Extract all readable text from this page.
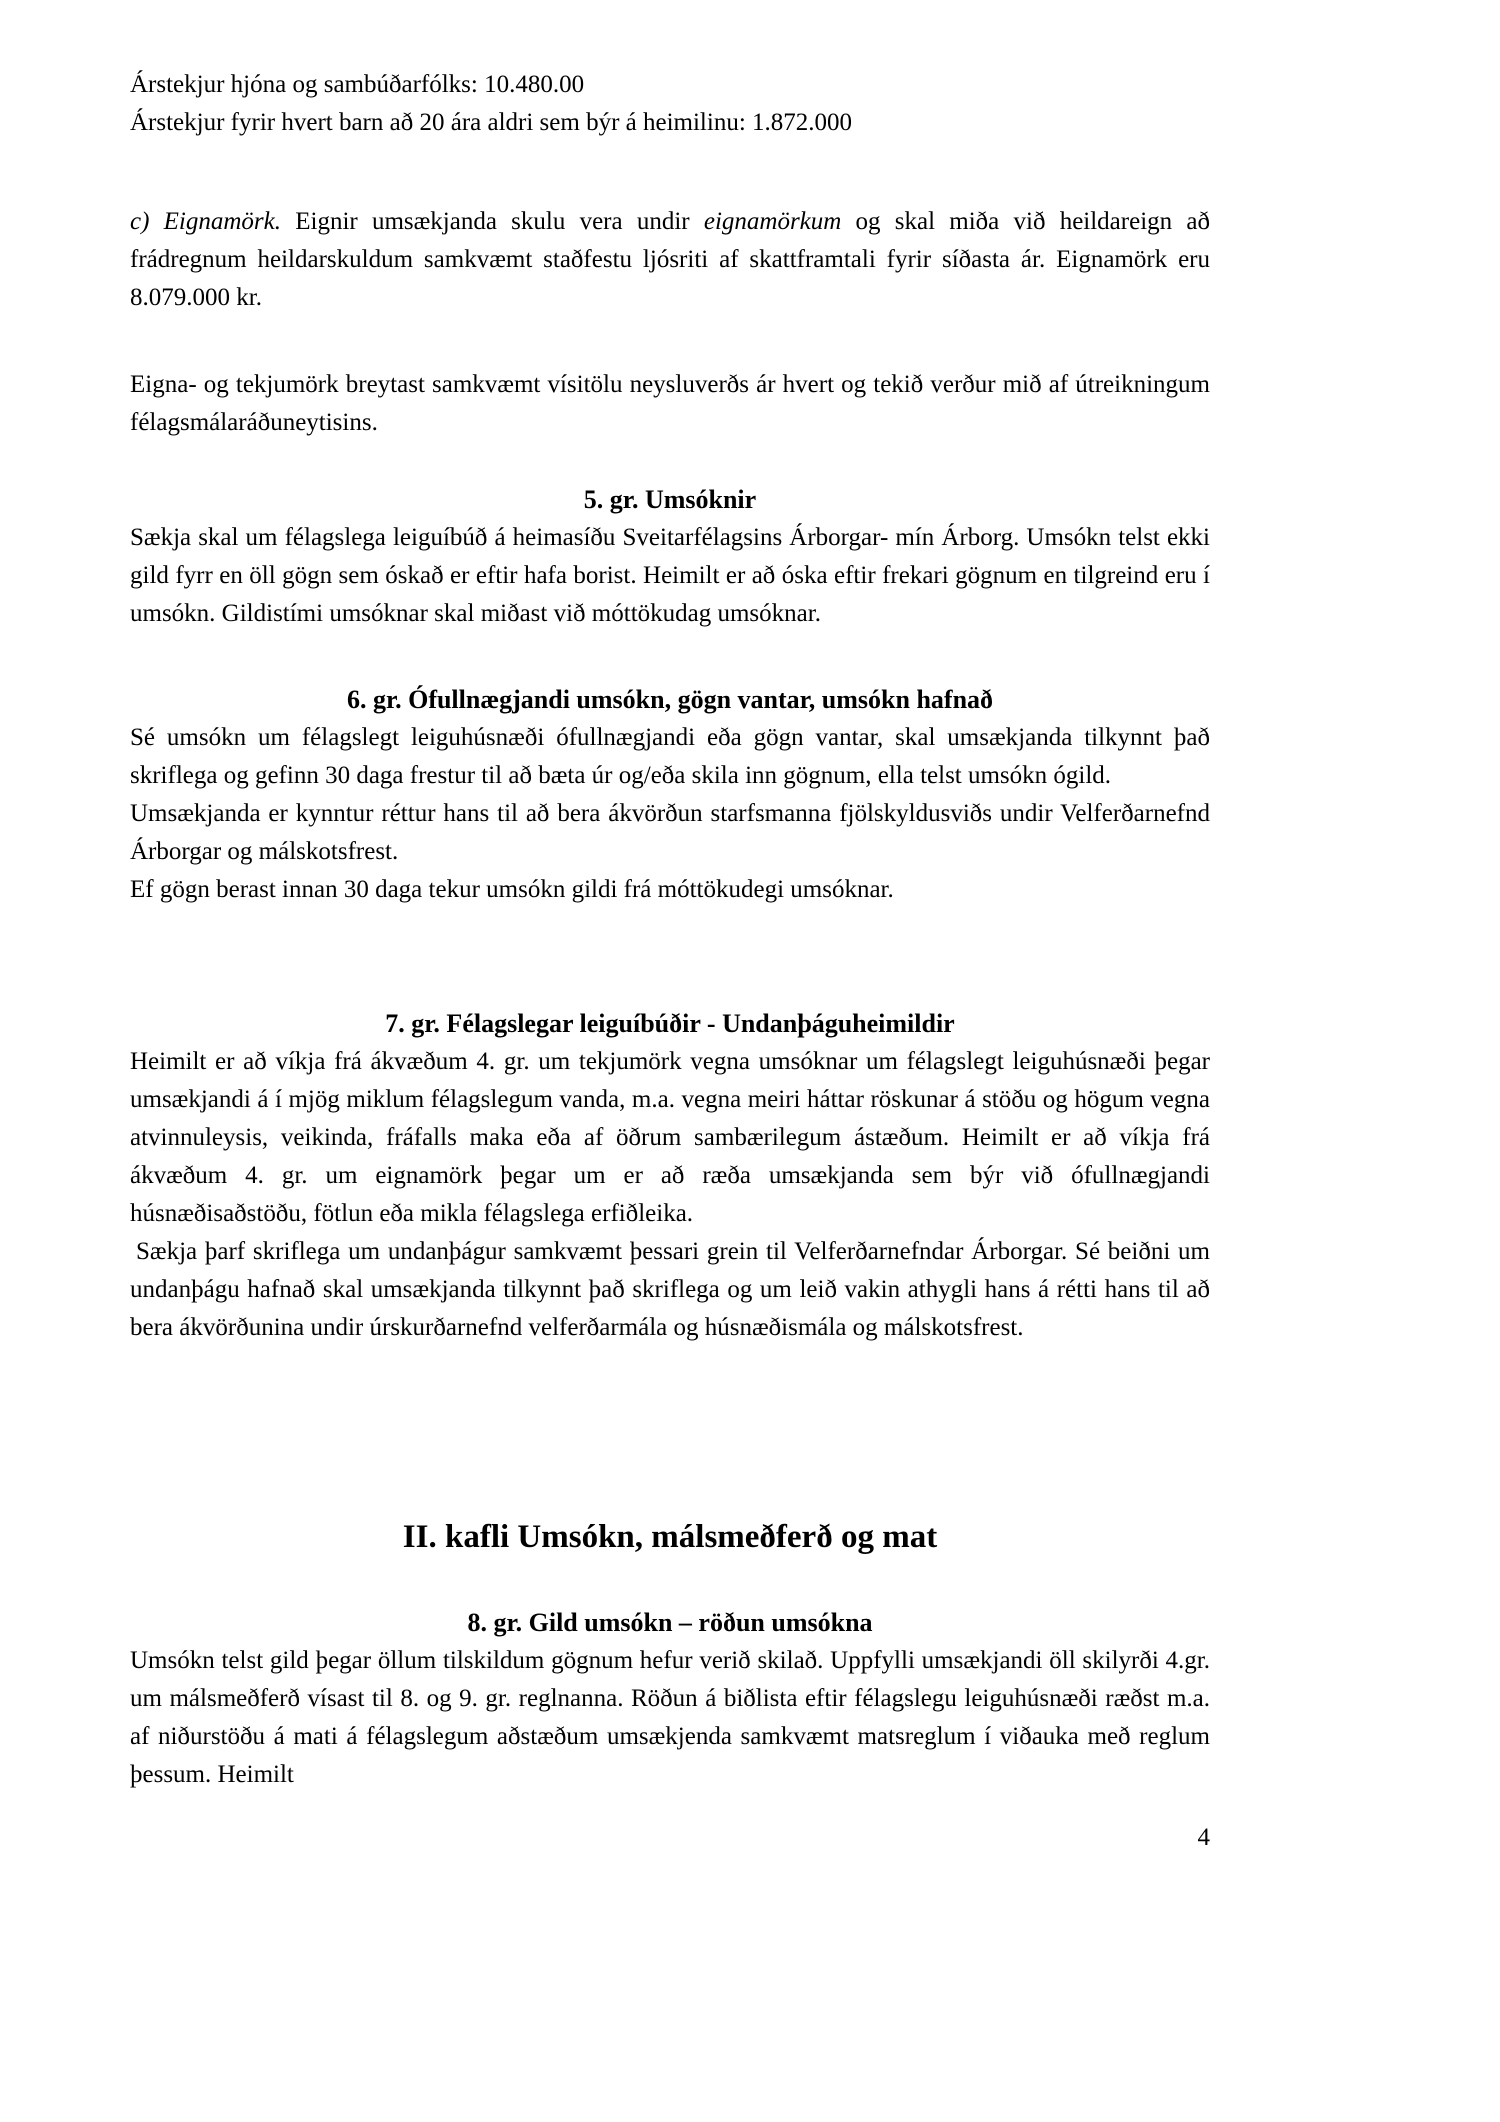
Árstekjur hjóna og sambúðarfólks: 10.480.00
Árstekjur fyrir hvert barn að 20 ára aldri sem býr á heimilinu: 1.872.000
c) Eignamörk. Eignir umsækjanda skulu vera undir eignamörkum og skal miða við heildareign að frádregnum heildarskuldum samkvæmt staðfestu ljósriti af skattframtali fyrir síðasta ár. Eignamörk eru 8.079.000 kr.
Eigna- og tekjumörk breytast samkvæmt vísitölu neysluverðs ár hvert og tekið verður mið af útreikningum félagsmálaráðuneytisins.
5. gr. Umsóknir
Sækja skal um félagslega leiguíbúð á heimasíðu Sveitarfélagsins Árborgar- mín Árborg. Umsókn telst ekki gild fyrr en öll gögn sem óskað er eftir hafa borist. Heimilt er að óska eftir frekari gögnum en tilgreind eru í umsókn. Gildistími umsóknar skal miðast við móttökudag umsóknar.
6. gr. Ófullnægjandi umsókn, gögn vantar, umsókn hafnað
Sé umsókn um félagslegt leiguhúsnæði ófullnægjandi eða gögn vantar, skal umsækjanda tilkynnt það skriflega og gefinn 30 daga frestur til að bæta úr og/eða skila inn gögnum, ella telst umsókn ógild.
Umsækjanda er kynntur réttur hans til að bera ákvörðun starfsmanna fjölskyldusviðs undir Velferðarnefnd Árborgar og málskotsfrest.
Ef gögn berast innan 30 daga tekur umsókn gildi frá móttökudegi umsóknar.
7. gr. Félagslegar leiguíbúðir - Undanþáguheimildir
Heimilt er að víkja frá ákvæðum 4. gr. um tekjumörk vegna umsóknar um félagslegt leiguhúsnæði þegar umsækjandi á í mjög miklum félagslegum vanda, m.a. vegna meiri háttar röskunar á stöðu og högum vegna atvinnuleysis, veikinda, fráfalls maka eða af öðrum sambærilegum ástæðum. Heimilt er að víkja frá ákvæðum 4. gr. um eignamörk þegar um er að ræða umsækjanda sem býr við ófullnægjandi húsnæðisaðstöðu, fötlun eða mikla félagslega erfiðleika.
Sækja þarf skriflega um undanþágur samkvæmt þessari grein til Velferðarnefndar Árborgar. Sé beiðni um undanþágu hafnað skal umsækjanda tilkynnt það skriflega og um leið vakin athygli hans á rétti hans til að bera ákvörðunina undir úrskurðarnefnd velferðarmála og húsnæðismála og málskotsfrest.
II. kafli Umsókn, málsmeðferð og mat
8. gr. Gild umsókn – röðun umsókna
Umsókn telst gild þegar öllum tilskildum gögnum hefur verið skilað. Uppfylli umsækjandi öll skilyrði 4.gr. um málsmeðferð vísast til 8. og 9. gr. reglnanna. Röðun á biðlista eftir félagslegu leiguhúsnæði ræðst m.a. af niðurstöðu á mati á félagslegum aðstæðum umsækjenda samkvæmt matsreglum í viðauka með reglum þessum. Heimilt
4
